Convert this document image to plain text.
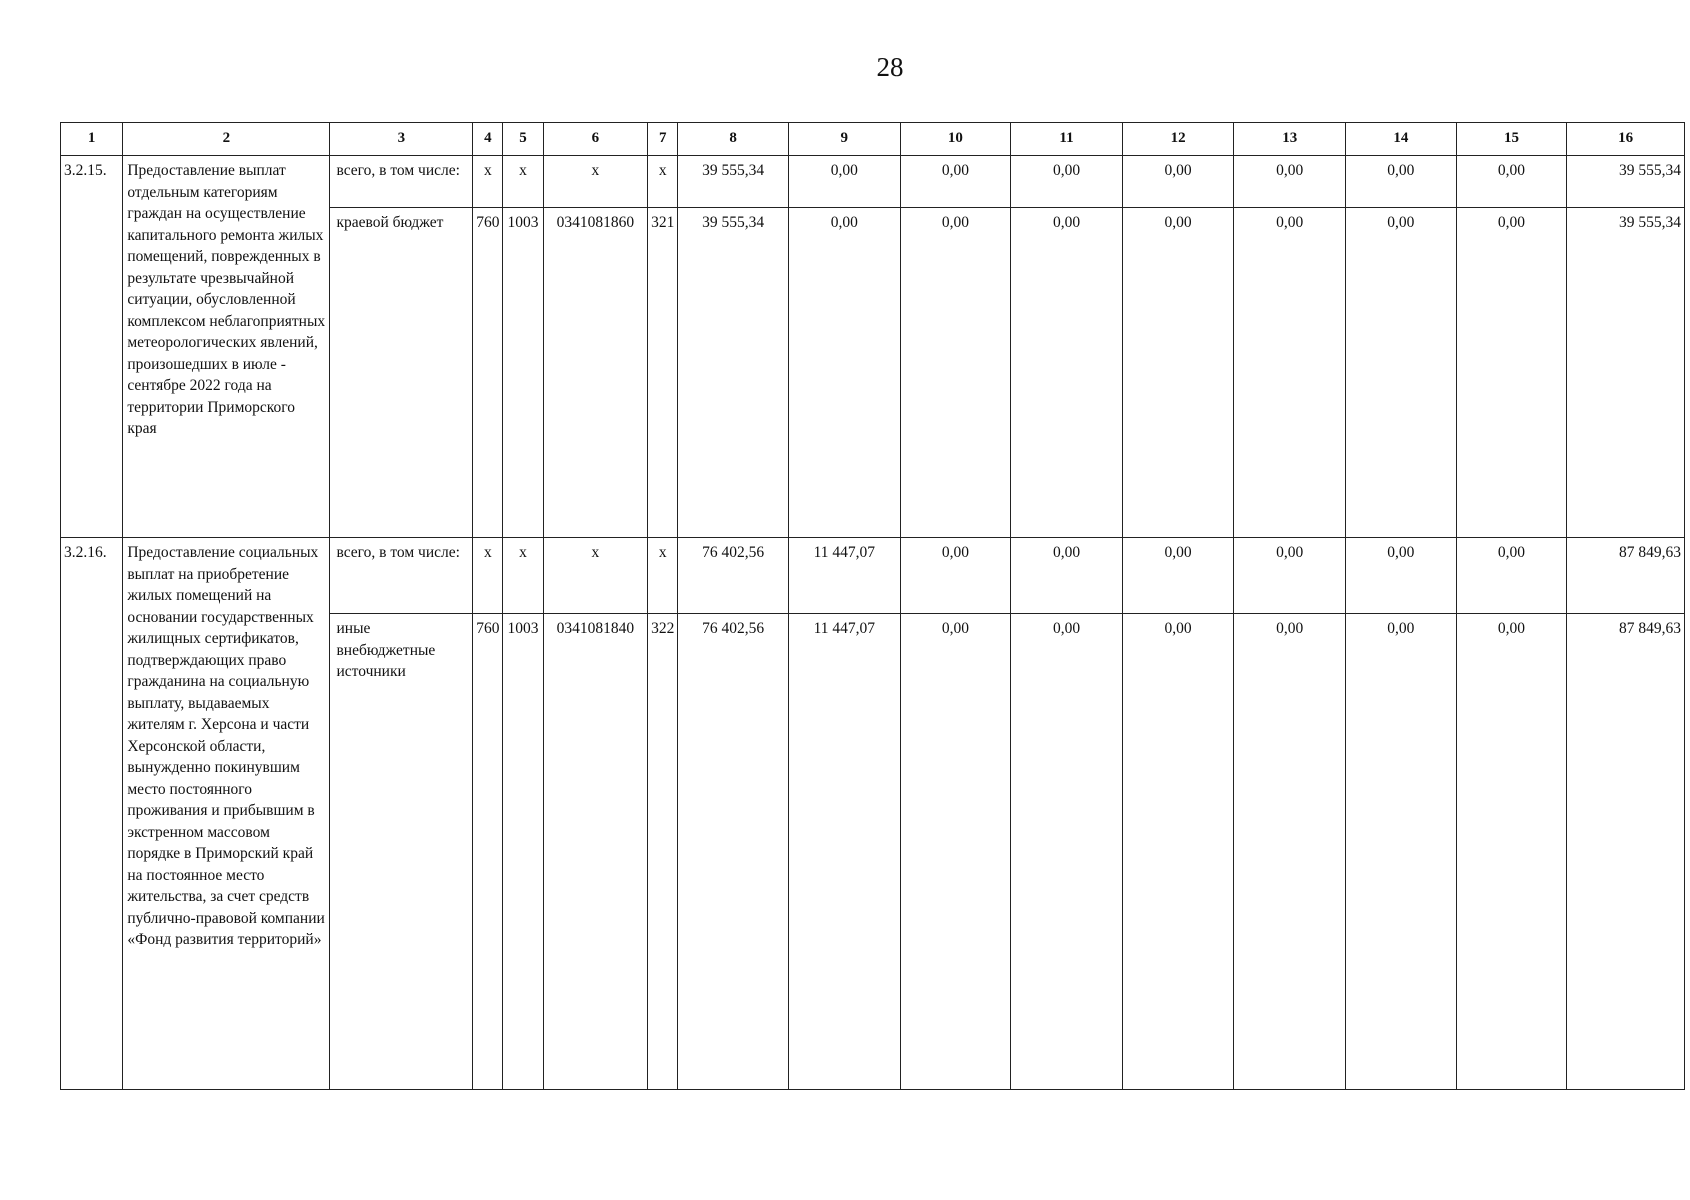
28
1	2	3	4	5	6	7	8	9	10	11	12	13	14	15	16
3.2.15.	Предоставление выплат отдельным категориям граждан на осуществление капитального ремонта жилых помещений, поврежденных в результате чрезвычайной ситуации, обусловленной комплексом неблагоприятных метеорологических явлений, произошедших в июле - сентябре 2022 года на территории Приморского края	всего, в том числе:	х	х	х	х	39 555,34	0,00	0,00	0,00	0,00	0,00	0,00	0,00	39 555,34
		краевой бюджет	760	1003	0341081860	321	39 555,34	0,00	0,00	0,00	0,00	0,00	0,00	0,00	39 555,34
3.2.16.	Предоставление социальных выплат на приобретение жилых помещений на основании государственных жилищных сертификатов, подтверждающих право гражданина на социальную выплату, выдаваемых жителям г. Херсона и части Херсонской области, вынужденно покинувшим место постоянного проживания и прибывшим в экстренном массовом порядке в Приморский край на постоянное место жительства, за счет средств публично-правовой компании «Фонд развития территорий»	всего, в том числе:	х	х	х	х	76 402,56	11 447,07	0,00	0,00	0,00	0,00	0,00	0,00	87 849,63
		иные внебюджетные источники	760	1003	0341081840	322	76 402,56	11 447,07	0,00	0,00	0,00	0,00	0,00	0,00	87 849,63
